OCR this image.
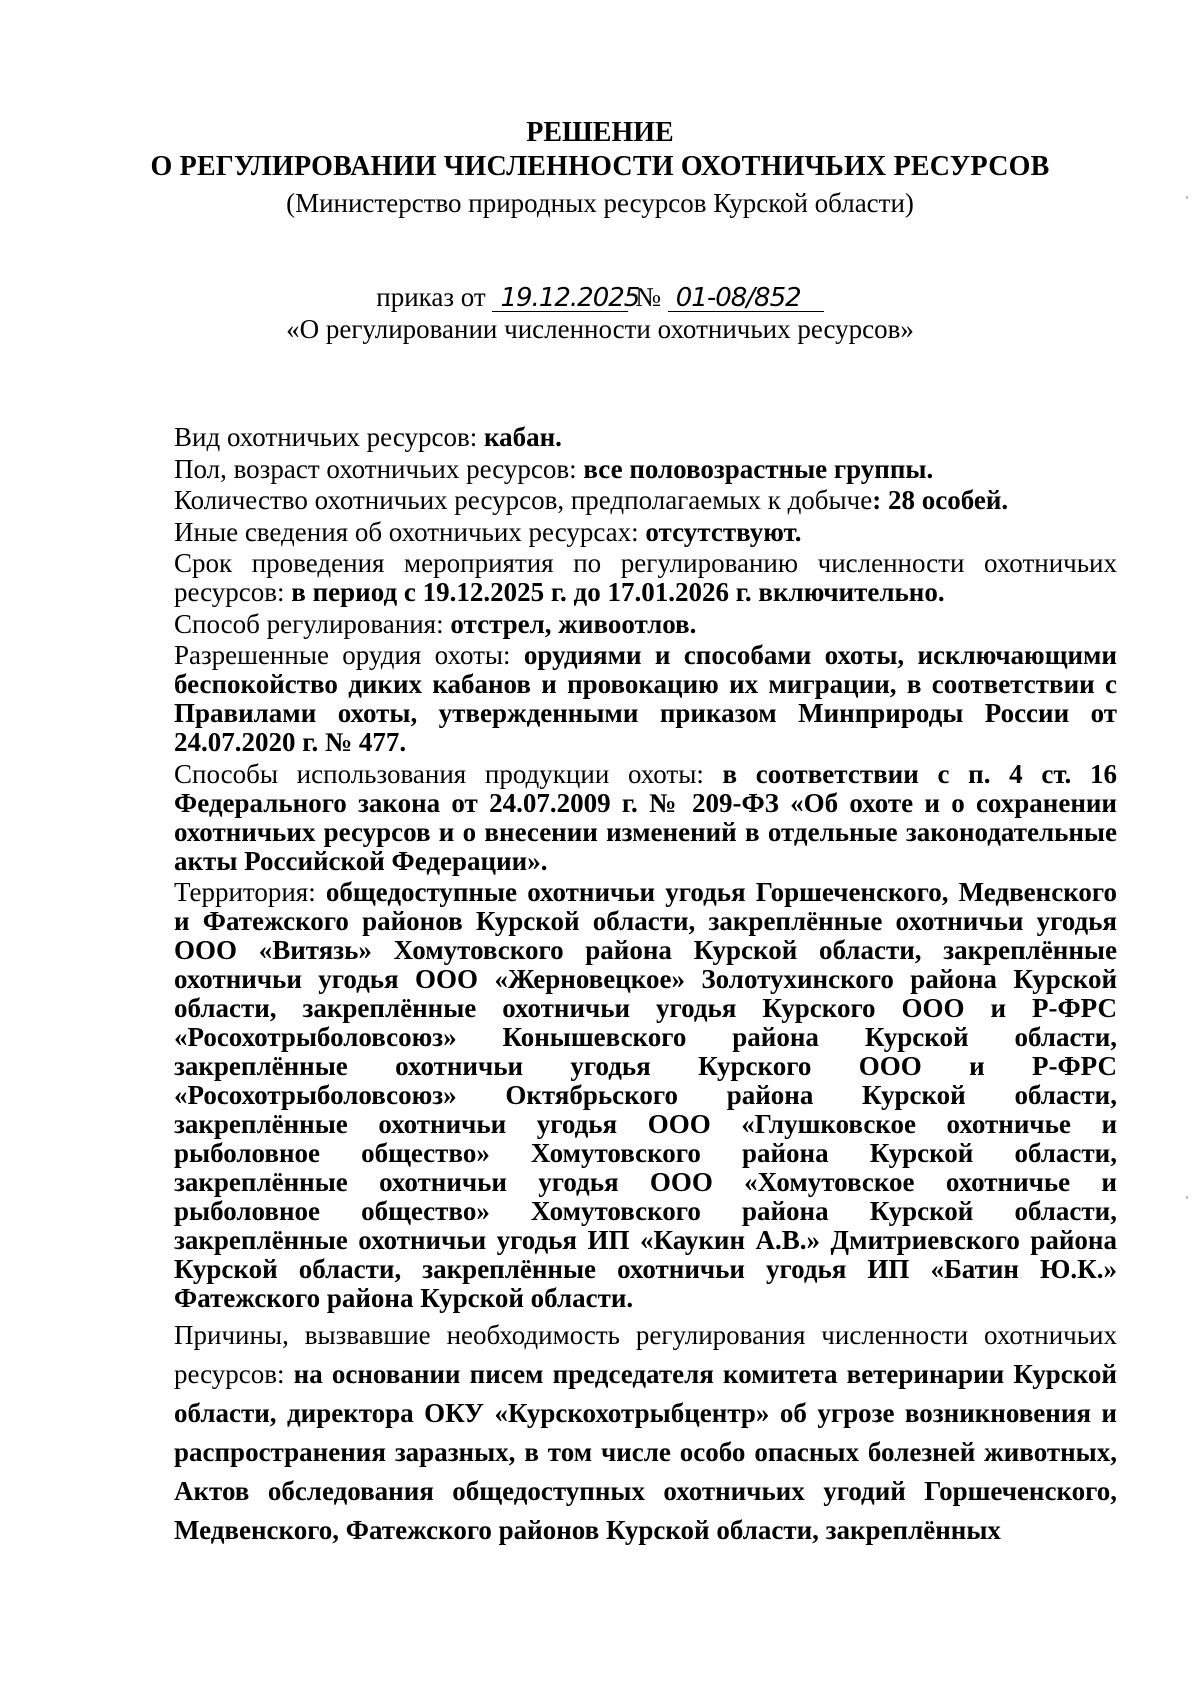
РЕШЕНИЕ
О РЕГУЛИРОВАНИИ ЧИСЛЕННОСТИ ОХОТНИЧЬИХ РЕСУРСОВ
(Министерство природных ресурсов Курской области)
приказ от 19.12.2025 № 01-08/852
«О регулировании численности охотничьих ресурсов»

Вид охотничьих ресурсов: кабан.

Пол, возраст охотничьих ресурсов: все половозрастные группы.

Количество охотничьих ресурсов, предполагаемых к добыче: 28 особей.

Иные сведения об охотничьих ресурсах: отсутствуют.

Срок проведения мероприятия по регулированию численности охотничьих ресурсов: в период с 19.12.2025 г. до 17.01.2026 г. включительно.

Способ регулирования: отстрел, живоотлов.

Разрешенные орудия охоты: орудиями и способами охоты, исключающими беспокойство диких кабанов и провокацию их миграции, в соответствии с Правилами охоты, утвержденными приказом Минприроды России от 24.07.2020 г. № 477.

Способы использования продукции охоты: в соответствии с п. 4 ст. 16 Федерального закона от 24.07.2009 г. № 209-ФЗ «Об охоте и о сохранении охотничьих ресурсов и о внесении изменений в отдельные законодательные акты Российской Федерации».

Территория: общедоступные охотничьи угодья Горшеченского, Медвенского и Фатежского районов Курской области, закреплённые охотничьи угодья ООО «Витязь» Хомутовского района Курской области, закреплённые охотничьи угодья ООО «Жерновецкое» Золотухинского района Курской области, закреплённые охотничьи угодья Курского ООО и Р-ФРС «Росохотрыболовсоюз» Конышевского района Курской области, закреплённые охотничьи угодья Курского ООО и Р-ФРС «Росохотрыболовсоюз» Октябрьского района Курской области, закреплённые охотничьи угодья ООО «Глушковское охотничье и рыболовное общество» Хомутовского района Курской области, закреплённые охотничьи угодья ООО «Хомутовское охотничье и рыболовное общество» Хомутовского района Курской области, закреплённые охотничьи угодья ИП «Каукин А.В.» Дмитриевского района Курской области, закреплённые охотничьи угодья ИП «Батин Ю.К.» Фатежского района Курской области.

Причины, вызвавшие необходимость регулирования численности охотничьих ресурсов: на основании писем председателя комитета ветеринарии Курской области, директора ОКУ «Курскохотрыбцентр» об угрозе возникновения и распространения заразных, в том числе особо опасных болезней животных, Актов обследования общедоступных охотничьих угодий Горшеченского, Медвенского, Фатежского районов Курской области, закреплённых
